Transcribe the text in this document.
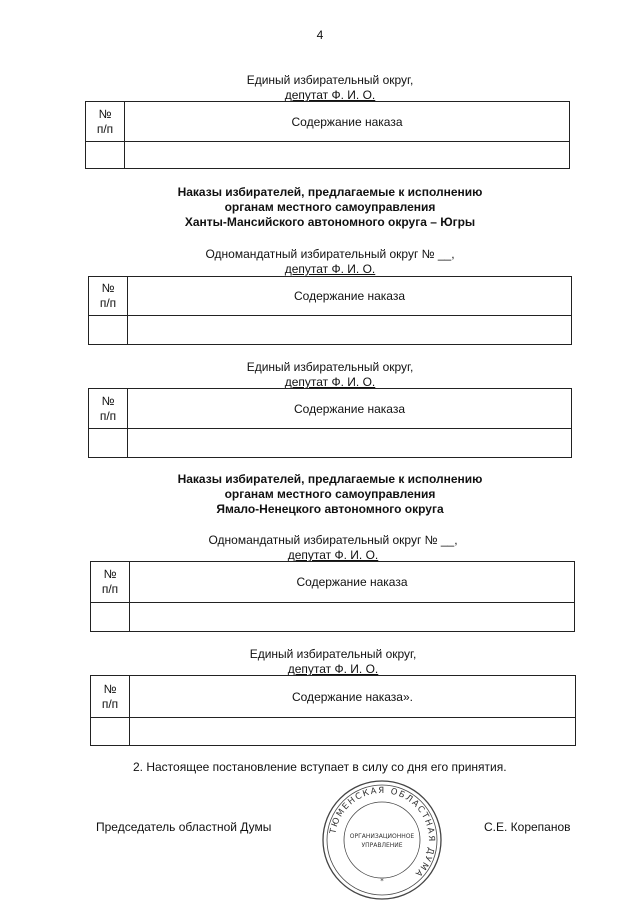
4
Единый избирательный округ,
депутат Ф. И. О.
№
п/п	Содержание наказа

Наказы избирателей, предлагаемые к исполнению
органам местного самоуправления
Ханты-Мансийского автономного округа – Югры
Одномандатный избирательный округ № __,
депутат Ф. И. О.
№
п/п	Содержание наказа

Единый избирательный округ,
депутат Ф. И. О.
№
п/п	Содержание наказа

Наказы избирателей, предлагаемые к исполнению
органам местного самоуправления
Ямало-Ненецкого автономного округа
Одномандатный избирательный округ № __,
депутат Ф. И. О.
№
п/п	Содержание наказа

Единый избирательный округ,
депутат Ф. И. О.
№
п/п	Содержание наказа».

2. Настоящее постановление вступает в силу со дня его принятия.
Председатель областной Думы	С.Е. Корепанов
ТЮМЕНСКАЯ ОБЛАСТНАЯ ДУМА
ОРГАНИЗАЦИОННОЕ
УПРАВЛЕНИЕ
*
